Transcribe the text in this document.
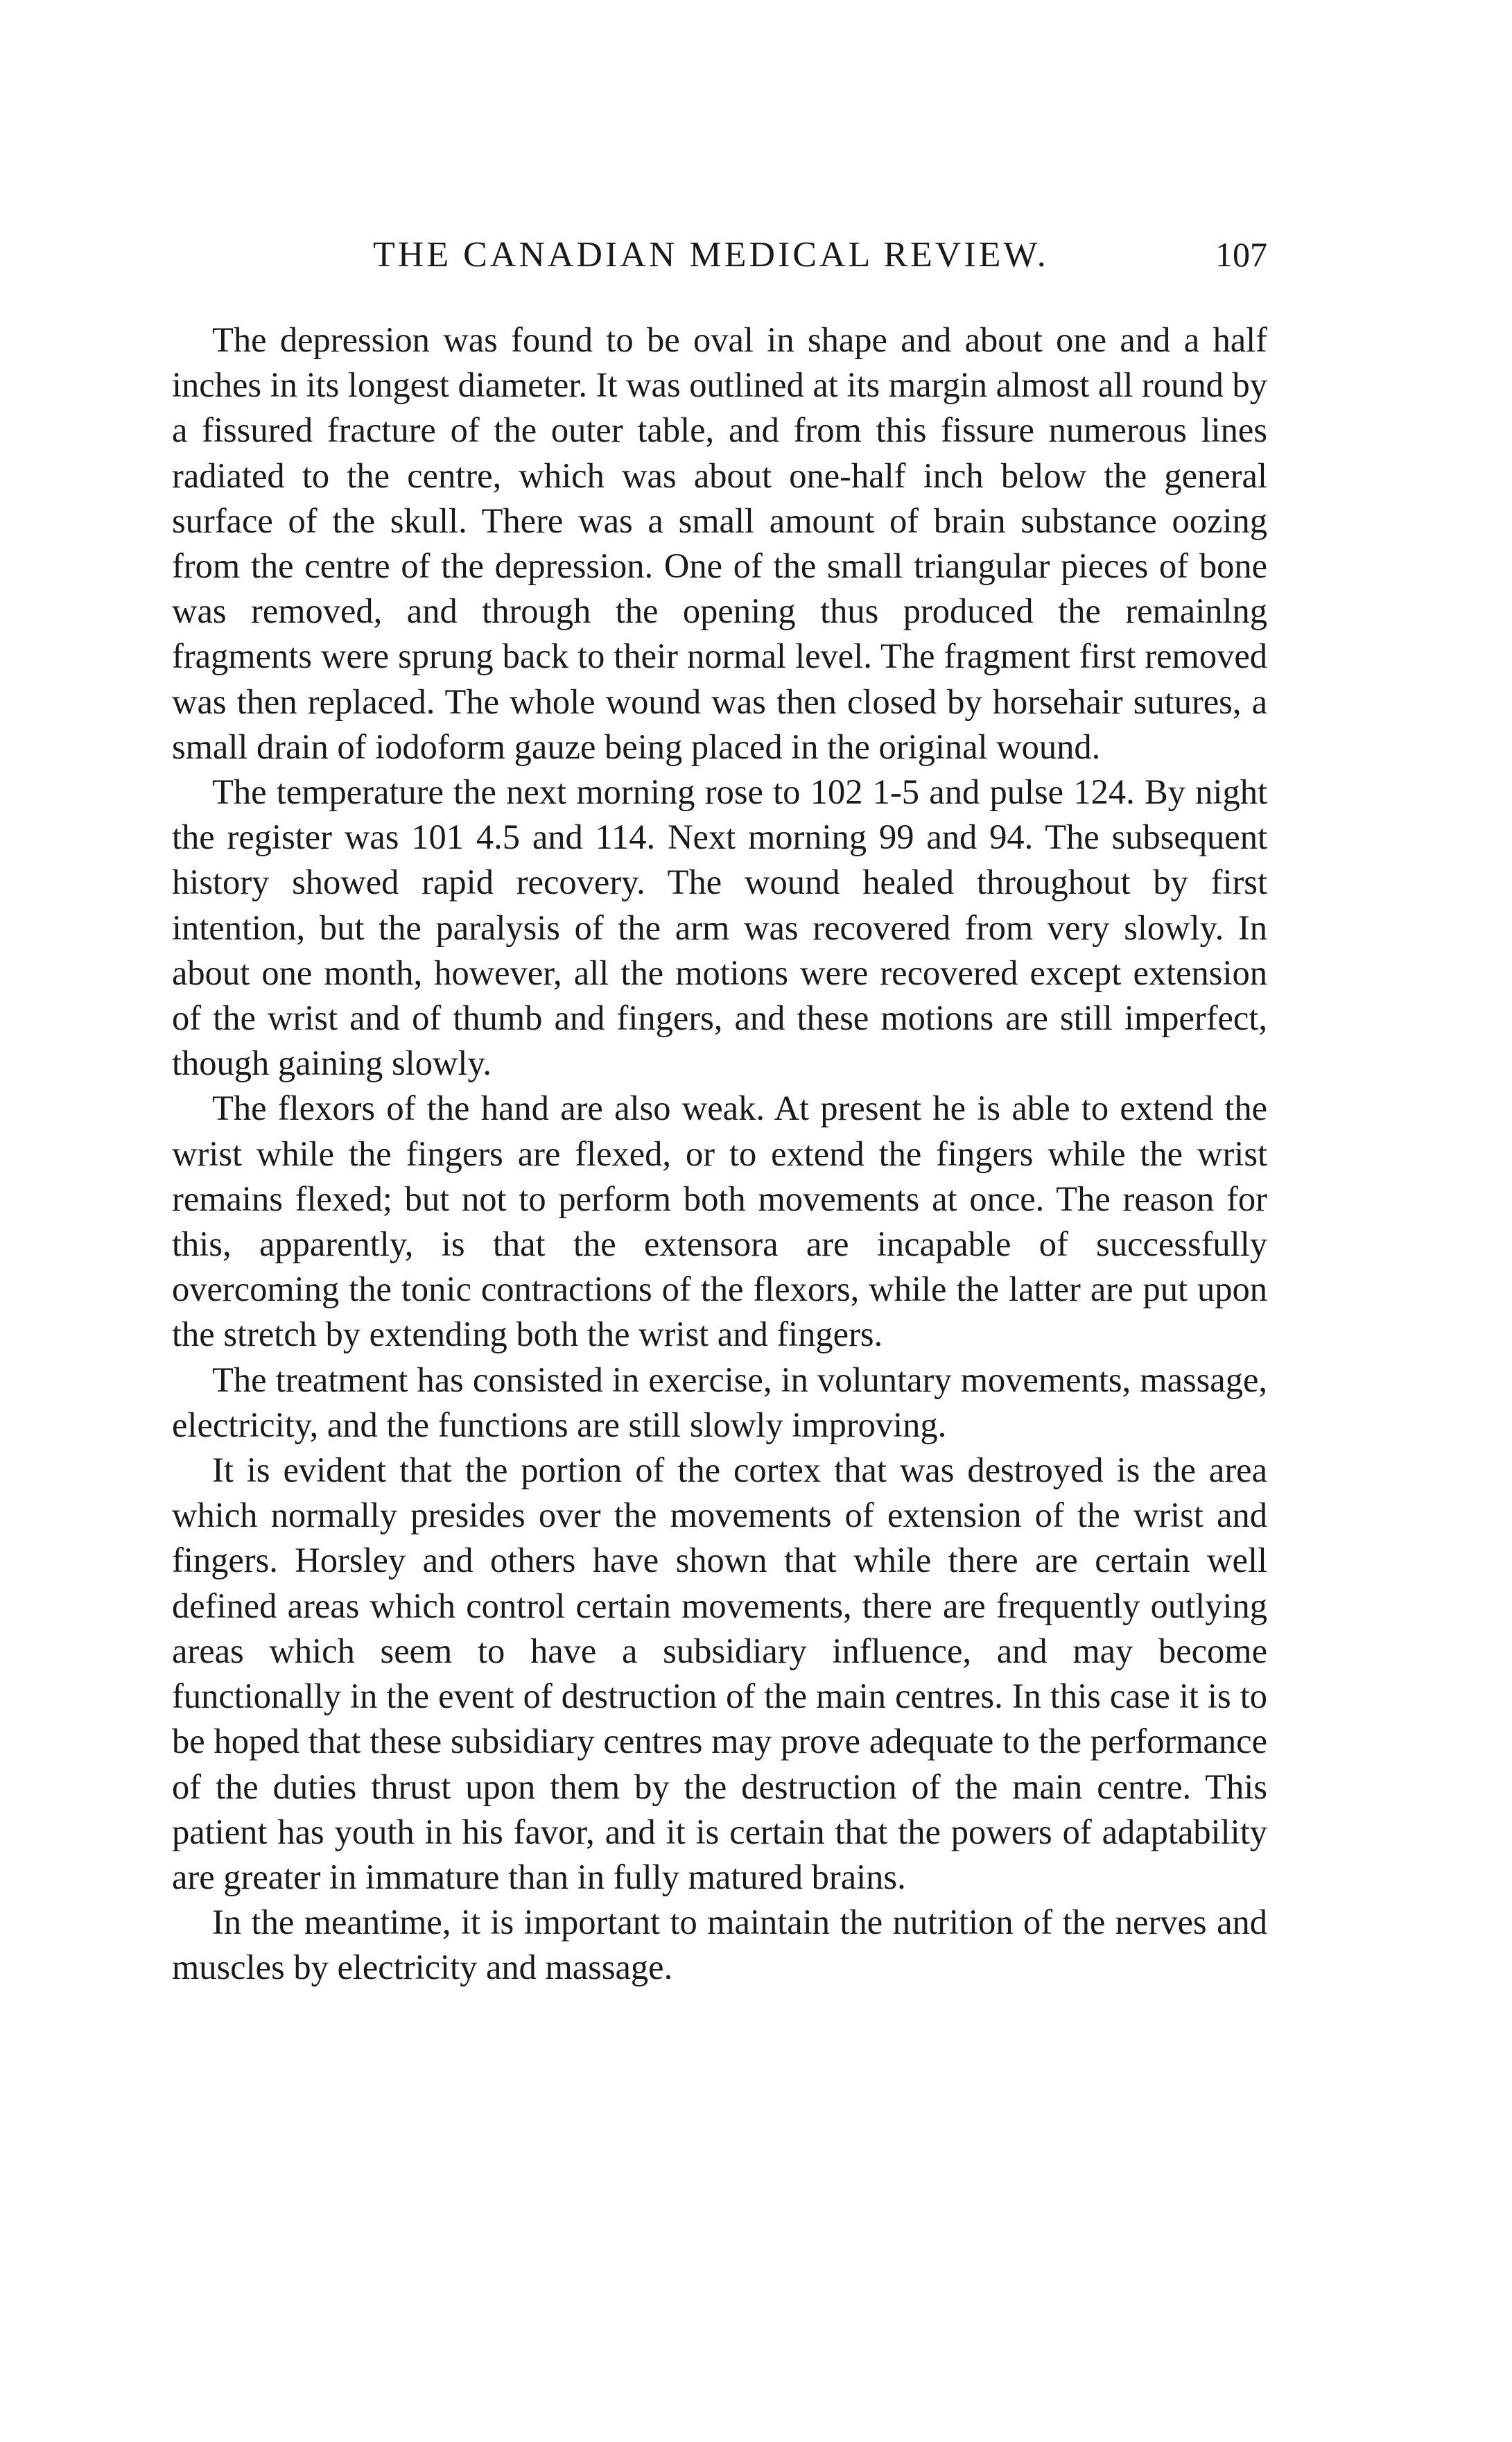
THE CANADIAN MEDICAL REVIEW.	107

The depression was found to be oval in shape and about one and a half inches in its longest diameter. It was outlined at its margin almost all round by a fissured fracture of the outer table, and from this fissure numerous lines radiated to the centre, which was about one-half inch below the general surface of the skull. There was a small amount of brain substance oozing from the centre of the depression. One of the small triangular pieces of bone was removed, and through the opening thus produced the remainlng fragments were sprung back to their normal level. The fragment first removed was then replaced. The whole wound was then closed by horsehair sutures, a small drain of iodoform gauze being placed in the original wound.

The temperature the next morning rose to 102 1-5 and pulse 124. By night the register was 101 4.5 and 114. Next morning 99 and 94. The subsequent history showed rapid recovery. The wound healed throughout by first intention, but the paralysis of the arm was recovered from very slowly. In about one month, however, all the motions were recovered except extension of the wrist and of thumb and fingers, and these motions are still imperfect, though gaining slowly.

The flexors of the hand are also weak. At present he is able to extend the wrist while the fingers are flexed, or to extend the fingers while the wrist remains flexed; but not to perform both movements at once. The reason for this, apparently, is that the extensora are incapable of successfully overcoming the tonic contractions of the flexors, while the latter are put upon the stretch by extending both the wrist and fingers.

The treatment has consisted in exercise, in voluntary movements, massage, electricity, and the functions are still slowly improving.

It is evident that the portion of the cortex that was destroyed is the area which normally presides over the movements of extension of the wrist and fingers. Horsley and others have shown that while there are certain well defined areas which control certain movements, there are frequently outlying areas which seem to have a subsidiary influence, and may become functionally in the event of destruction of the main centres. In this case it is to be hoped that these subsidiary centres may prove adequate to the performance of the duties thrust upon them by the destruction of the main centre. This patient has youth in his favor, and it is certain that the powers of adaptability are greater in immature than in fully matured brains.

In the meantime, it is important to maintain the nutrition of the nerves and muscles by electricity and massage.
